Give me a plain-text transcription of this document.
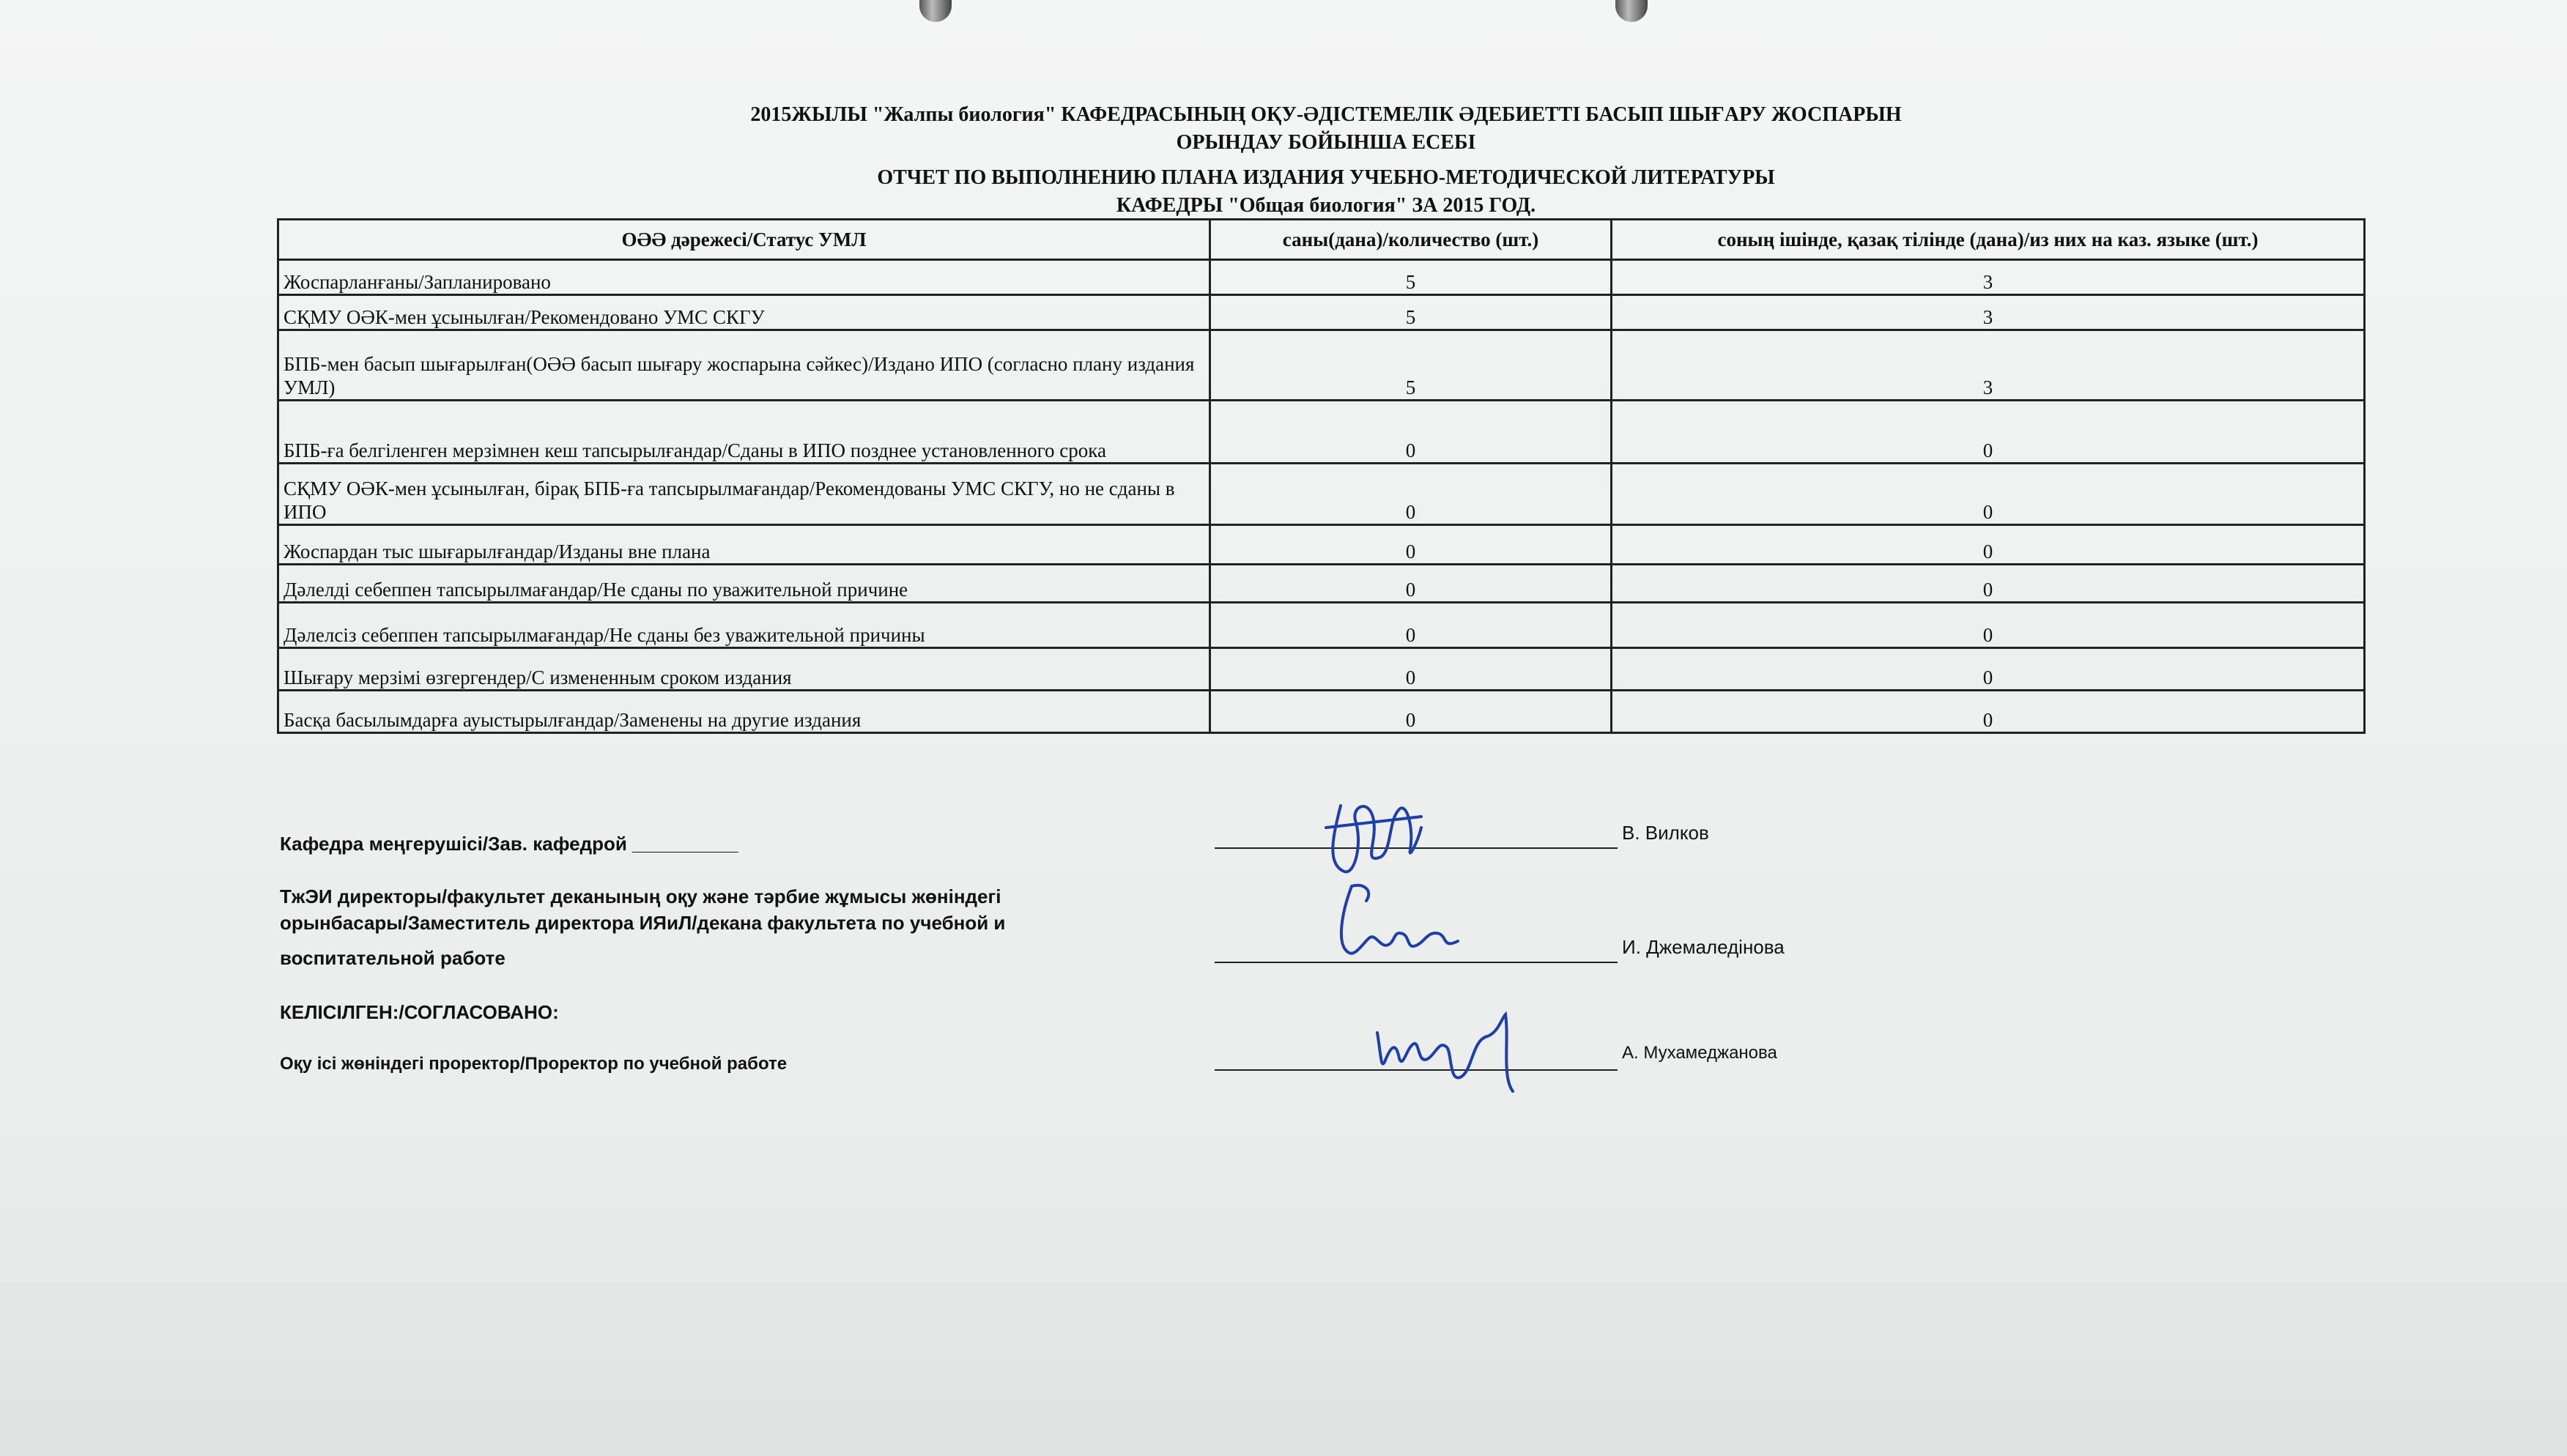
2015ЖЫЛЫ "Жалпы биология" КАФЕДРАСЫНЫҢ ОҚУ-ӘДІСТЕМЕЛІК ӘДЕБИЕТТІ БАСЫП ШЫҒАРУ ЖОСПАРЫН
ОРЫНДАУ БОЙЫНША ЕСЕБІ
ОТЧЕТ ПО ВЫПОЛНЕНИЮ ПЛАНА ИЗДАНИЯ УЧЕБНО-МЕТОДИЧЕСКОЙ ЛИТЕРАТУРЫ
КАФЕДРЫ "Общая биология" ЗА 2015 ГОД.
ОӘӘ дәрежесі/Статус УМЛ	саны(дана)/количество (шт.)	соның ішінде, қазақ тілінде (дана)/из них на каз. языке (шт.)
Жоспарланғаны/Запланировано	5	3
СҚМУ ОӘК-мен ұсынылған/Рекомендовано УМС СКГУ	5	3
БПБ-мен басып шығарылған(ОӘӘ басып шығару жоспарына сәйкес)/Издано ИПО (согласно плану издания УМЛ)	5	3
БПБ-ға белгіленген мерзімнен кеш тапсырылғандар/Сданы в ИПО позднее установленного срока	0	0
СҚМУ ОӘК-мен ұсынылған, бірақ БПБ-ға тапсырылмағандар/Рекомендованы УМС СКГУ, но не сданы в ИПО	0	0
Жоспардан тыс шығарылғандар/Изданы вне плана	0	0
Дәлелді себеппен тапсырылмағандар/Не сданы по уважительной причине	0	0
Дәлелсіз себеппен тапсырылмағандар/Не сданы без уважительной причины	0	0
Шығару мерзімі өзгергендер/С измененным сроком издания	0	0
Басқа басылымдарға ауыстырылғандар/Заменены на другие издания	0	0
Кафедра меңгерушісі/Зав. кафедрой __________	В. Вилков
ТжЭИ директоры/факультет деканының оқу және тәрбие жұмысы жөніндегі
орынбасары/Заместитель директора ИЯиЛ/декана факультета по учебной и
воспитательной работе	И. Джемаледінова
КЕЛІСІЛГЕН:/СОГЛАСОВАНО:
Оқу ісі жөніндегі проректор/Проректор по учебной работе
А. Мухамеджанова
